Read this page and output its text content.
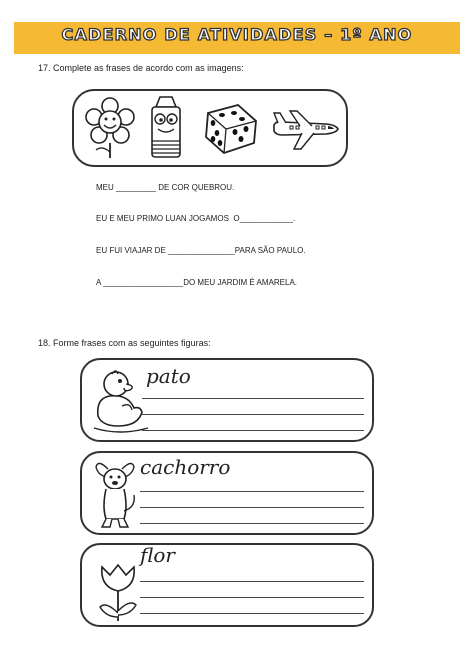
CADERNO DE ATIVIDADES – 1º ANO
17. Complete as frases de acordo com as imagens:
MEU _________ DE COR QUEBROU.
EU E MEU PRIMO LUAN JOGAMOS  O____________.
EU FUI VIAJAR DE _______________PARA SÃO PAULO.
A __________________DO MEU JARDIM É AMARELA.
18. Forme frases com as seguintes figuras:
pato
cachorro
flor
